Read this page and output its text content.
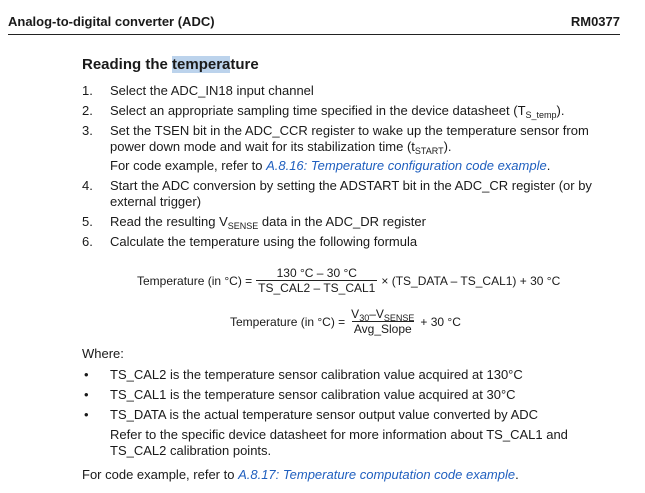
Analog-to-digital converter (ADC)	RM0377
Reading the temperature
1. Select the ADC_IN18 input channel
2. Select an appropriate sampling time specified in the device datasheet $(T_{S\_temp})$.
3. Set the TSEN bit in the ADC_CCR register to wake up the temperature sensor from power down mode and wait for its stabilization time $(t_{START})$.
For code example, refer to A.8.16: Temperature configuration code example.
4. Start the ADC conversion by setting the ADSTART bit in the ADC_CR register (or by external trigger)
5. Read the resulting $V_{SENSE}$ data in the ADC_DR register
6. Calculate the temperature using the following formula
Temperature (in $^\circ C) = \frac{130 ^\circ C - 30 ^\circ C}{\text{TS\_CAL2 – TS\_CAL1}}$ × (TS_DATA – TS_CAL1) + 30 °C
Temperature (in $^\circ C) = \frac{V_{30}-V_{SENSE}}{\text{Avg\_Slope}} + 30$ °C
Where:
• TS_CAL2 is the temperature sensor calibration value acquired at 130°C
• TS_CAL1 is the temperature sensor calibration value acquired at 30°C
• TS_DATA is the actual temperature sensor output value converted by ADC
Refer to the specific device datasheet for more information about TS_CAL1 and TS_CAL2 calibration points.
For code example, refer to A.8.17: Temperature computation code example.
